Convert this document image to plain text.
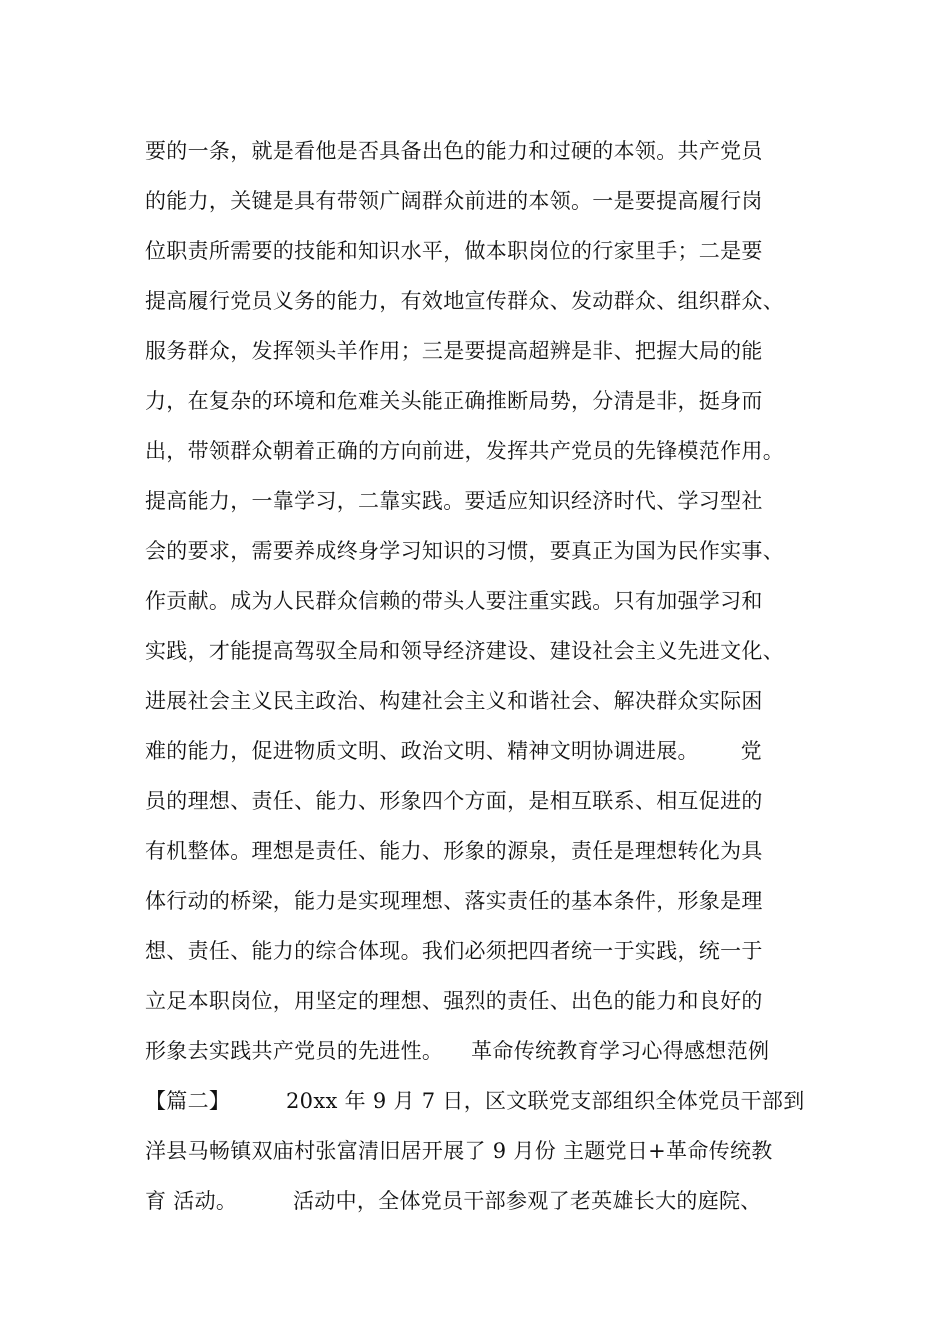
要的一条，就是看他是否具备出色的能力和过硬的本领。共产党员
的能力，关键是具有带领广阔群众前进的本领。一是要提高履行岗
位职责所需要的技能和知识水平，做本职岗位的行家里手；二是要
提高履行党员义务的能力，有效地宣传群众、发动群众、组织群众、
服务群众，发挥领头羊作用；三是要提高超辨是非、把握大局的能
力，在复杂的环境和危难关头能正确推断局势，分清是非，挺身而
出，带领群众朝着正确的方向前进，发挥共产党员的先锋模范作用。
提高能力，一靠学习，二靠实践。要适应知识经济时代、学习型社
会的要求，需要养成终身学习知识的习惯，要真正为国为民作实事、
作贡献。成为人民群众信赖的带头人要注重实践。只有加强学习和
实践，才能提高驾驭全局和领导经济建设、建设社会主义先进文化、
进展社会主义民主政治、构建社会主义和谐社会、解决群众实际困
难的能力，促进物质文明、政治文明、精神文明协调进展。      党
员的理想、责任、能力、形象四个方面，是相互联系、相互促进的
有机整体。理想是责任、能力、形象的源泉，责任是理想转化为具
体行动的桥梁，能力是实现理想、落实责任的基本条件，形象是理
想、责任、能力的综合体现。我们必须把四者统一于实践，统一于
立足本职岗位，用坚定的理想、强烈的责任、出色的能力和良好的
形象去实践共产党员的先进性。    革命传统教育学习心得感想范例
【篇二】        20xx 年 9 月 7 日，区文联党支部组织全体党员干部到
洋县马畅镇双庙村张富清旧居开展了 9 月份 主题党日+革命传统教
育 活动。        活动中，全体党员干部参观了老英雄长大的庭院、
